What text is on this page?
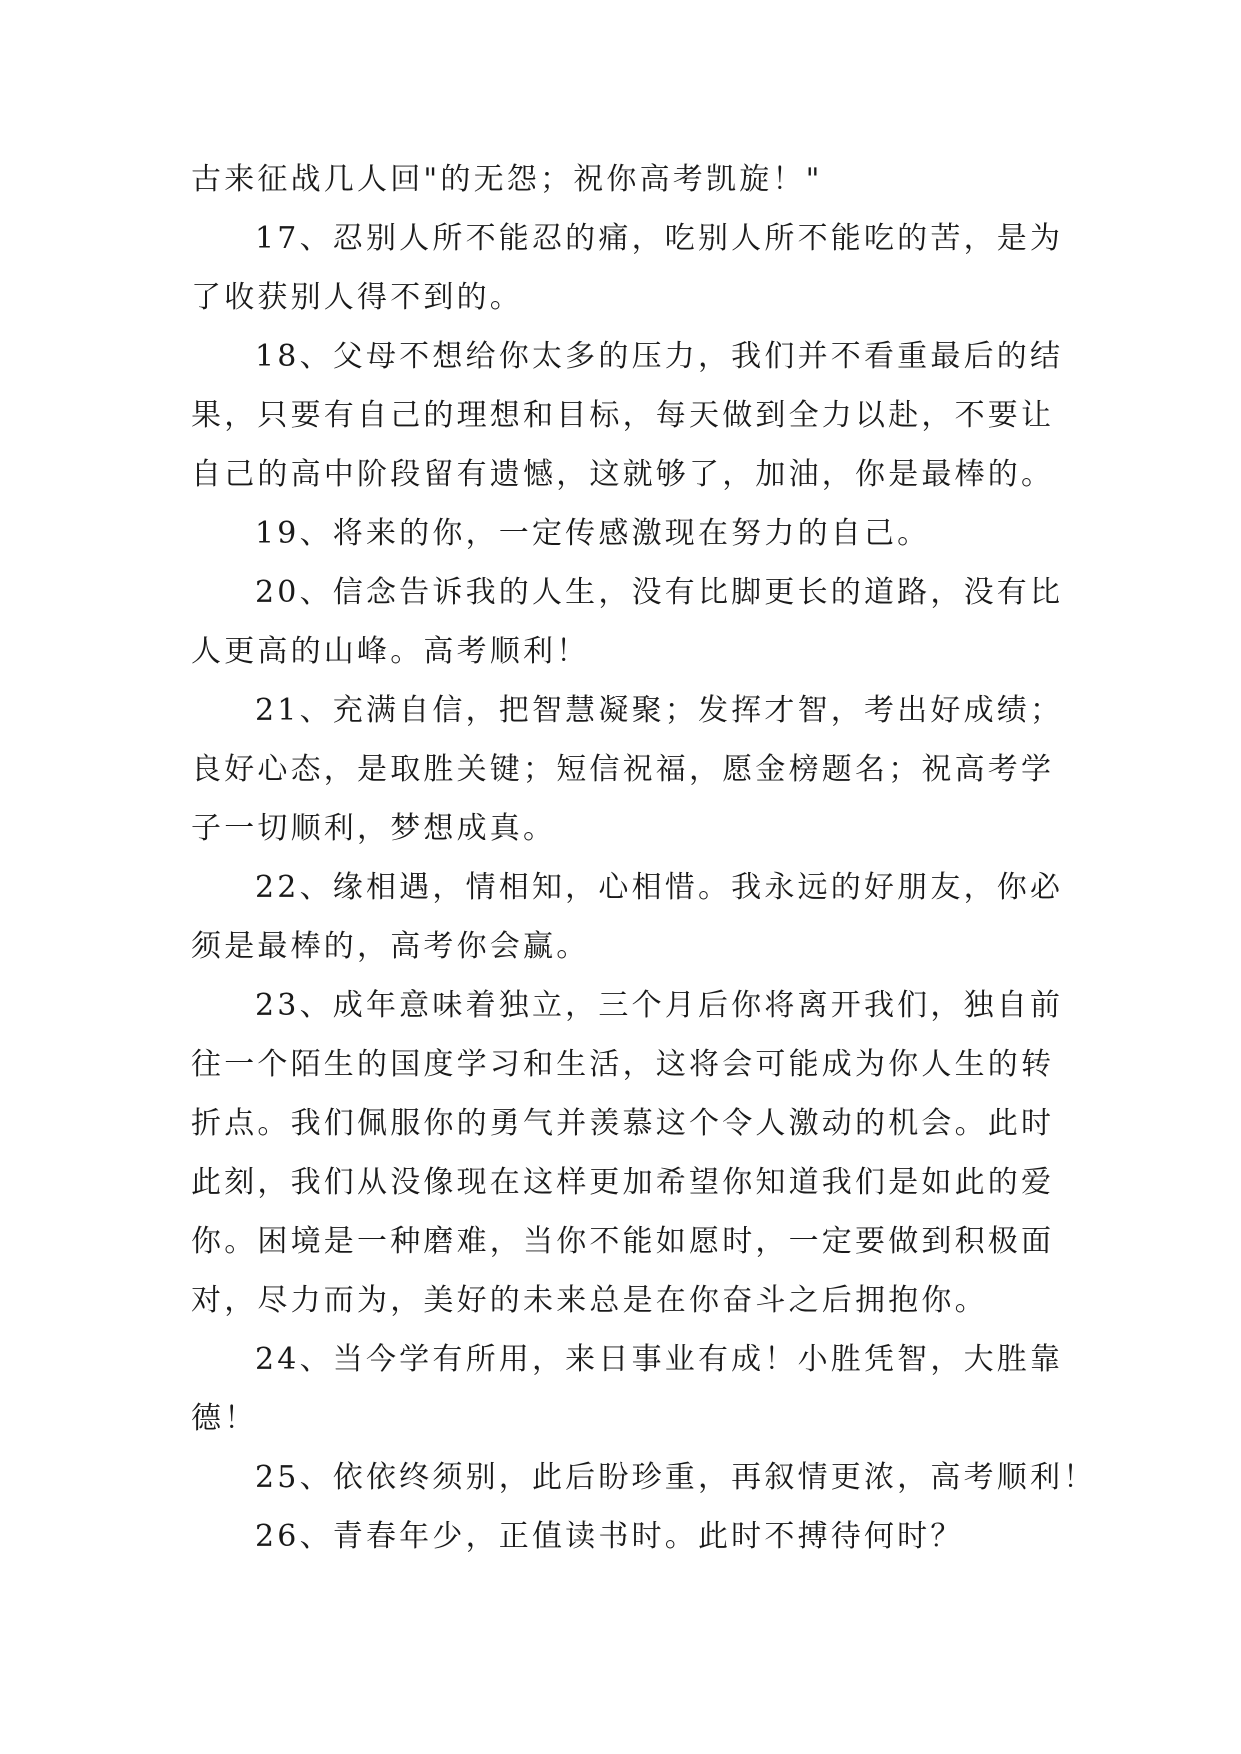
古来征战几人回"的无怨；祝你高考凯旋！"

17、忍别人所不能忍的痛，吃别人所不能吃的苦，是为
了收获别人得不到的。

18、父母不想给你太多的压力，我们并不看重最后的结
果，只要有自己的理想和目标，每天做到全力以赴，不要让
自己的高中阶段留有遗憾，这就够了，加油，你是最棒的。

19、将来的你，一定传感激现在努力的自己。

20、信念告诉我的人生，没有比脚更长的道路，没有比
人更高的山峰。高考顺利！

21、充满自信，把智慧凝聚；发挥才智，考出好成绩；
良好心态，是取胜关键；短信祝福，愿金榜题名；祝高考学
子一切顺利，梦想成真。

22、缘相遇，情相知，心相惜。我永远的好朋友，你必
须是最棒的，高考你会赢。

23、成年意味着独立，三个月后你将离开我们，独自前
往一个陌生的国度学习和生活，这将会可能成为你人生的转
折点。我们佩服你的勇气并羡慕这个令人激动的机会。此时
此刻，我们从没像现在这样更加希望你知道我们是如此的爱
你。困境是一种磨难，当你不能如愿时，一定要做到积极面
对，尽力而为，美好的未来总是在你奋斗之后拥抱你。

24、当今学有所用，来日事业有成！小胜凭智，大胜靠
德！

25、依依终须别，此后盼珍重，再叙情更浓，高考顺利！

26、青春年少，正值读书时。此时不搏待何时？
